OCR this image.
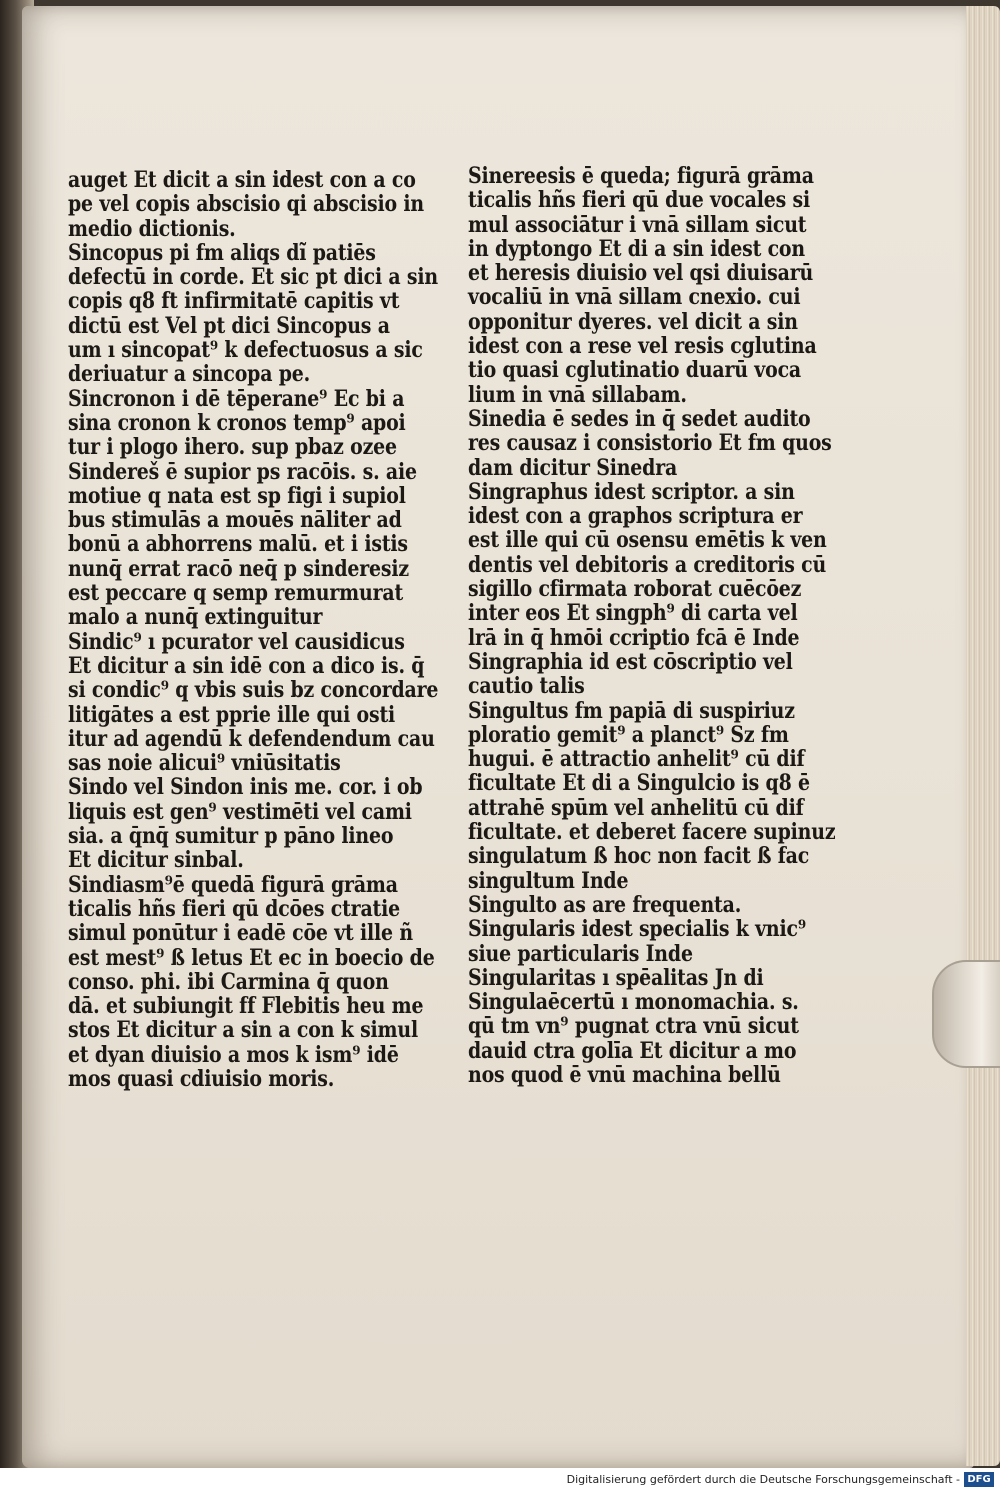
auget Et dicit a sin idest con a co
pe vel copis abscisio qi abscisio in
medio dictionis.
Sincopus pi fm aliqs dĩ patiēs
defectū in corde. Et sic pt dici a sin
copis q8 ft infirmitatē capitis vt
dictū est Vel pt dici Sincopus a
um ı sincopat⁹ k defectuosus a sic
deriuatur a sincopa pe.
Sincronon i dē tēperane⁹ Ec bi a
sina cronon k cronos temp⁹ apoi
tur i plogo ihero. sup pbaz ozee
Sindereš ē supior ps racōis. s. aie
motiue q nata est sp figi i supiol
bus stimulās a mouēs nāliter ad
bonū a abhorrens malū. et i istis
nunq̄ errat racō neq̄ p sinderesiz
est peccare q semp remurmurat
malo a nunq̄ extinguitur
Sindic⁹ ı pcurator vel causidicus
Et dicitur a sin idē con a dico is. q̄
si condic⁹ q vbis suis bz concordare
litigātes a est pprie ille qui osti
itur ad agendū k defendendum cau
sas noie alicui⁹ vniūsitatis
Sindo vel Sindon inis me. cor. i ob
liquis est gen⁹ vestimēti vel cami
sia. a q̄nq̄ sumitur p pāno lineo
Et dicitur sinbal.
Sindiasm⁹ē quedā figurā grāma
ticalis hñs fieri qū dcōes ctratie
simul ponūtur i eadē cōe vt ille ñ
est mest⁹ ß letus Et ec in boecio de
conso. phi. ibi Carmina q̄ quon
dā. et subiungit ff Flebitis heu me
stos Et dicitur a sin a con k simul
et dyan diuisio a mos k ism⁹ idē
mos quasi cdiuisio moris.
Sinereesis ē queda; figurā grāma
ticalis hñs fieri qū due vocales si
mul associātur i vnā sillam sicut
in dyptongo Et di a sin idest con
et heresis diuisio vel qsi diuisarū
vocaliū in vnā sillam cnexio. cui
opponitur dyeres. vel dicit a sin
idest con a rese vel resis cglutina
tio quasi cglutinatio duarū voca
lium in vnā sillabam.
Sinedia ē sedes in q̄ sedet audito
res causaz i consistorio Et fm quos
dam dicitur Sinedra
Singraphus idest scriptor. a sin
idest con a graphos scriptura er
est ille qui cū osensu emētis k ven
dentis vel debitoris a creditoris cū
sigillo cfirmata roborat cuēcōez
inter eos Et singph⁹ di carta vel
lrā in q̄ hmōi ccriptio fcā ē Inde
Singraphia id est cōscriptio vel
cautio talis
Singultus fm papiā di suspiriuz
ploratio gemit⁹ a planct⁹ Sz fm
hugui. ē attractio anhelit⁹ cū dif
ficultate Et di a Singulcio is q8 ē
attrahē spūm vel anhelitū cū dif
ficultate. et deberet facere supinuz
singulatum ß hoc non facit ß fac
singultum Inde
Singulto as are frequenta.
Singularis idest specialis k vnic⁹
siue particularis Inde
Singularitas ı spēalitas Jn di
Singulaēcertū ı monomachia. s.
qū tm vn⁹ pugnat ctra vnū sicut
dauid ctra golīa Et dicitur a mo
nos quod ē vnū machina bellū
Digitalisierung gefördert durch die Deutsche Forschungsgemeinschaft - DFG
